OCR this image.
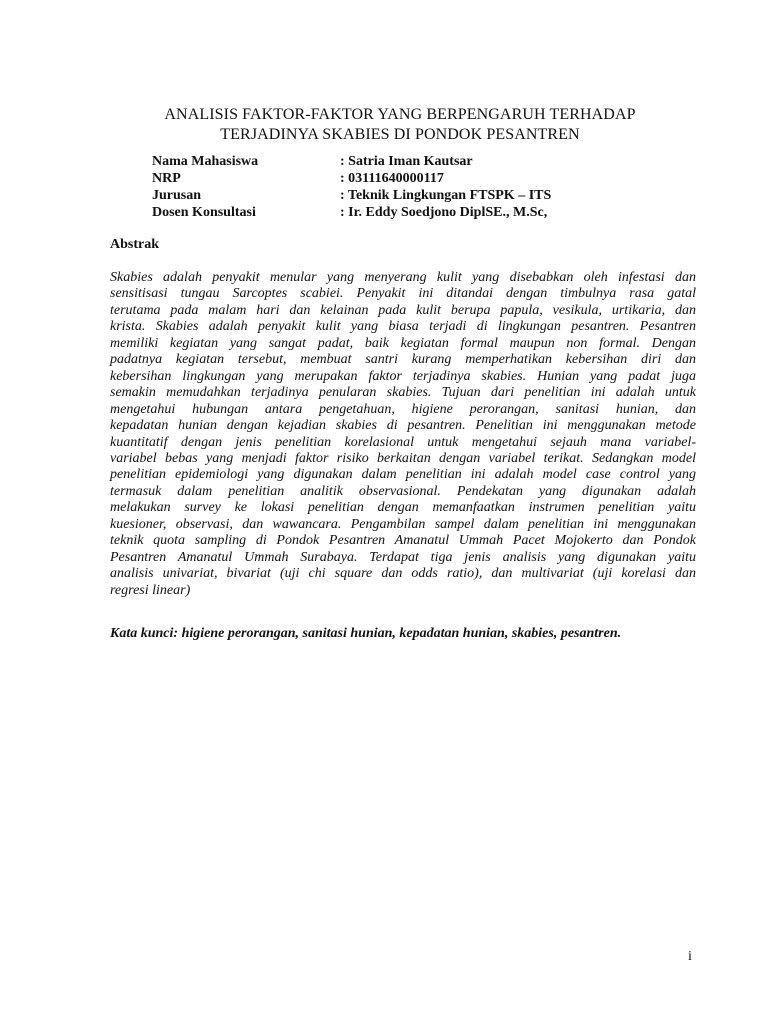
ANALISIS FAKTOR-FAKTOR YANG BERPENGARUH TERHADAP
TERJADINYA SKABIES DI PONDOK PESANTREN
Nama Mahasiswa	: Satria Iman Kautsar
NRP	: 03111640000117
Jurusan	: Teknik Lingkungan FTSPK – ITS
Dosen Konsultasi	: Ir. Eddy Soedjono DiplSE., M.Sc,
Abstrak
Skabies adalah penyakit menular yang menyerang kulit yang disebabkan oleh infestasi dan
sensitisasi tungau Sarcoptes scabiei. Penyakit ini ditandai dengan timbulnya rasa gatal
terutama pada malam hari dan kelainan pada kulit berupa papula, vesikula, urtikaria, dan
krista. Skabies adalah penyakit kulit yang biasa terjadi di lingkungan pesantren. Pesantren
memiliki kegiatan yang sangat padat, baik kegiatan formal maupun non formal. Dengan
padatnya kegiatan tersebut, membuat santri kurang memperhatikan kebersihan diri dan
kebersihan lingkungan yang merupakan faktor terjadinya skabies. Hunian yang padat juga
semakin memudahkan terjadinya penularan skabies. Tujuan dari penelitian ini adalah untuk
mengetahui hubungan antara pengetahuan, higiene perorangan, sanitasi hunian, dan
kepadatan hunian dengan kejadian skabies di pesantren. Penelitian ini menggunakan metode
kuantitatif dengan jenis penelitian korelasional untuk mengetahui sejauh mana variabel-
variabel bebas yang menjadi faktor risiko berkaitan dengan variabel terikat. Sedangkan model
penelitian epidemiologi yang digunakan dalam penelitian ini adalah model case control yang
termasuk dalam penelitian analitik observasional. Pendekatan yang digunakan adalah
melakukan survey ke lokasi penelitian dengan memanfaatkan instrumen penelitian yaitu
kuesioner, observasi, dan wawancara. Pengambilan sampel dalam penelitian ini menggunakan
teknik quota sampling di Pondok Pesantren Amanatul Ummah Pacet Mojokerto dan Pondok
Pesantren Amanatul Ummah Surabaya. Terdapat tiga jenis analisis yang digunakan yaitu
analisis univariat, bivariat (uji chi square dan odds ratio), dan multivariat (uji korelasi dan
regresi linear)
Kata kunci: higiene perorangan, sanitasi hunian, kepadatan hunian, skabies, pesantren.
i
